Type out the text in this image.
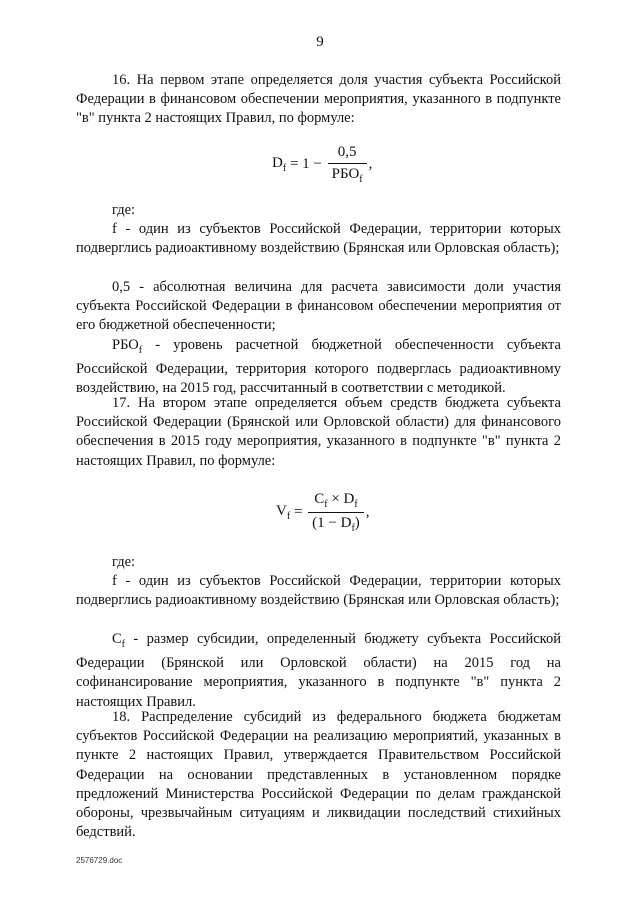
9
16. На первом этапе определяется доля участия субъекта Российской Федерации в финансовом обеспечении мероприятия, указанного в подпункте "в" пункта 2 настоящих Правил, по формуле:
$D_f = 1 - \frac{0,5}{РБО_f}$ ,
где:
f - один из субъектов Российской Федерации, территории которых подверглись радиоактивному воздействию (Брянская или Орловская область);
0,5 - абсолютная величина для расчета зависимости доли участия субъекта Российской Федерации в финансовом обеспечении мероприятия от его бюджетной обеспеченности;
$РБО_f$ - уровень расчетной бюджетной обеспеченности субъекта Российской Федерации, территория которого подверглась радиоактивному воздействию, на 2015 год, рассчитанный в соответствии с методикой.
17. На втором этапе определяется объем средств бюджета субъекта Российской Федерации (Брянской или Орловской области) для финансового обеспечения в 2015 году мероприятия, указанного в подпункте "в" пункта 2 настоящих Правил, по формуле:
$V_f = \frac{C_f \times D_f}{(1 - D_f)}$ ,
где:
f - один из субъектов Российской Федерации, территории которых подверглись радиоактивному воздействию (Брянская или Орловская область);
$C_f$ - размер субсидии, определенный бюджету субъекта Российской Федерации (Брянской или Орловской области) на 2015 год на софинансирование мероприятия, указанного в подпункте "в" пункта 2 настоящих Правил.
18. Распределение субсидий из федерального бюджета бюджетам субъектов Российской Федерации на реализацию мероприятий, указанных в пункте 2 настоящих Правил, утверждается Правительством Российской Федерации на основании представленных в установленном порядке предложений Министерства Российской Федерации по делам гражданской обороны, чрезвычайным ситуациям и ликвидации последствий стихийных бедствий.
2576729.doc
